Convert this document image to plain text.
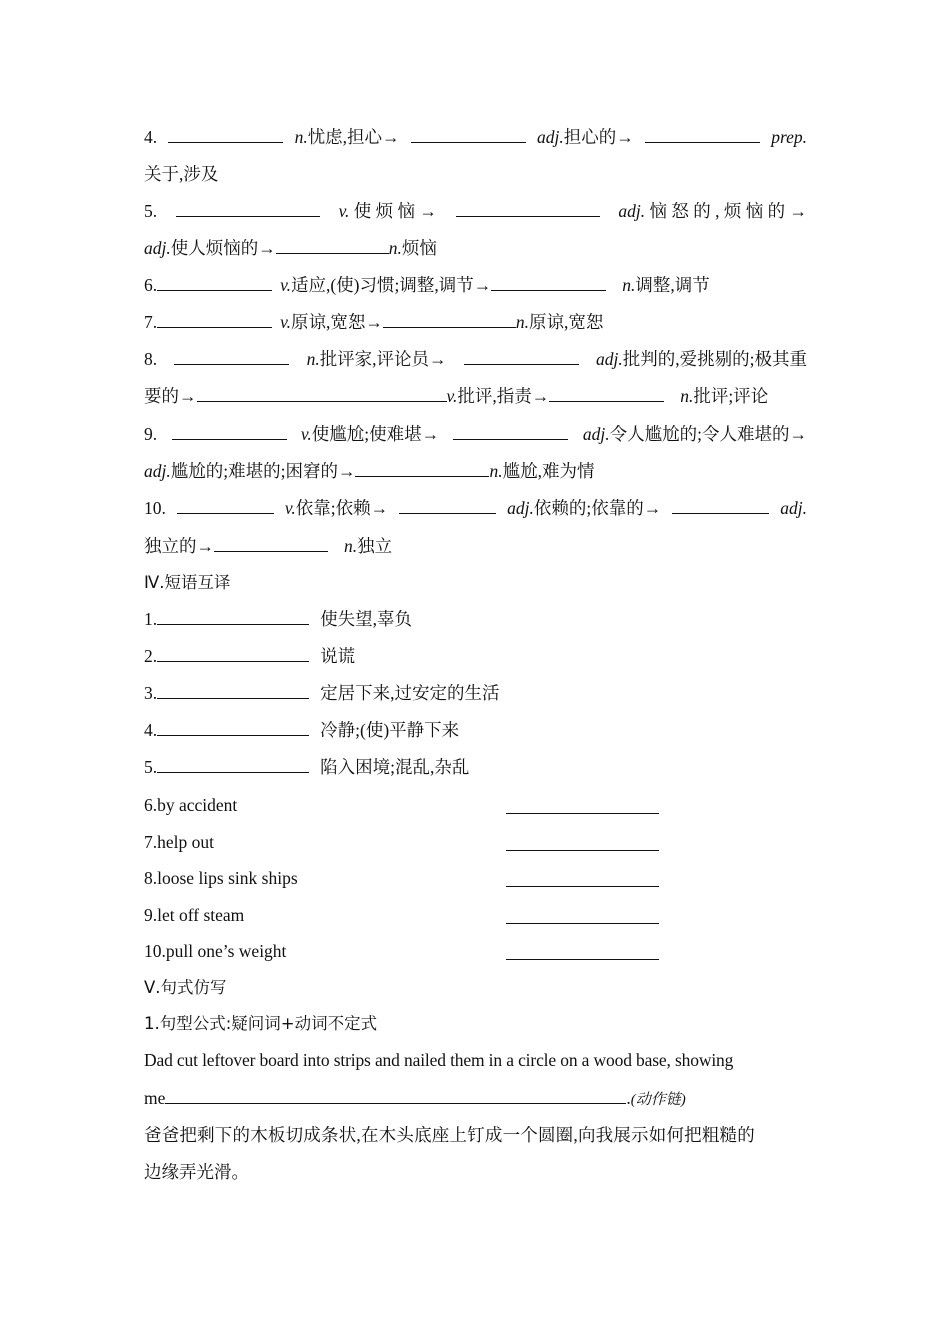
4.	n.忧虑,担心→	adj.担心的→	prep.
关于,涉及
5.	v. 使 烦 恼 →	adj. 恼 怒 的 , 烦 恼 的 →
adj. 使人烦恼的→	n. 烦恼
6.	v. 适应,(使)习惯;调整,调节→	n. 调整,调节
7.	v. 原谅,宽恕→	n. 原谅,宽恕
8.	n.批评家,评论员→	adj.批判的,爱挑剔的;极其重
要的→	v. 批评,指责→	n. 批评;评论
9.	v.使尴尬;使难堪→	adj.令人尴尬的;令人难堪的→
adj. 尴尬的;难堪的;困窘的→	n. 尴尬,难为情
10.	v.依靠;依赖→	adj.依赖的;依靠的→	adj.
独立的→	n. 独立
Ⅳ.短语互译
1.	使失望,辜负
2.	说谎
3.	定居下来,过安定的生活
4.	冷静;(使)平静下来
5.	陷入困境;混乱,杂乱
6.by accident
7.help out
8.loose lips sink ships
9.let off steam
10.pull one’s weight
Ⅴ.句式仿写
1.句型公式:疑问词+动词不定式
Dad cut leftover board into strips and nailed them in a circle on a wood base, showing
me	. (动作链)
爸爸把剩下的木板切成条状,在木头底座上钉成一个圆圈,向我展示如何把粗糙的
边缘弄光滑。
